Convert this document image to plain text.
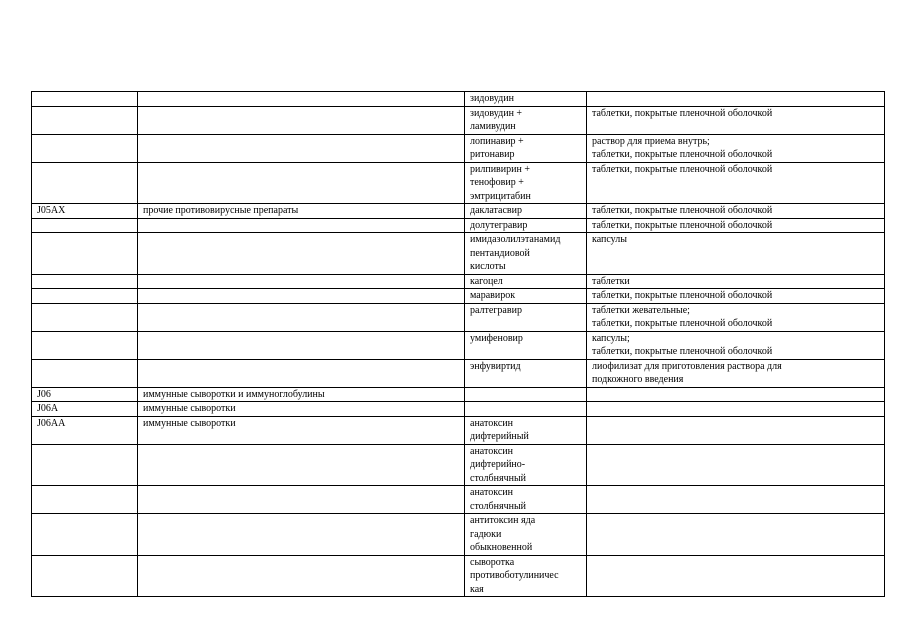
		зидовудин	
		зидовудин +
ламивудин	таблетки, покрытые пленочной оболочкой
		лопинавир +
ритонавир	раствор для приема внутрь;
таблетки, покрытые пленочной оболочкой
		рилпивирин +
тенофовир +
эмтрицитабин	таблетки, покрытые пленочной оболочкой
J05AX	прочие противовирусные препараты	даклатасвир	таблетки, покрытые пленочной оболочкой
		долутегравир	таблетки, покрытые пленочной оболочкой
		имидазолилэтанамид
пентандиовой
кислоты	капсулы
		кагоцел	таблетки
		маравирок	таблетки, покрытые пленочной оболочкой
		ралтегравир	таблетки жевательные;
таблетки, покрытые пленочной оболочкой
		умифеновир	капсулы;
таблетки, покрытые пленочной оболочкой
		энфувиртид	лиофилизат для приготовления раствора для
подкожного введения
J06	иммунные сыворотки и иммуноглобулины		
J06A	иммунные сыворотки		
J06AA	иммунные сыворотки	анатоксин
дифтерийный	
		анатоксин
дифтерийно-
столбнячный	
		анатоксин
столбнячный	
		антитоксин яда
гадюки
обыкновенной	
		сыворотка
противоботулиничес
кая	
